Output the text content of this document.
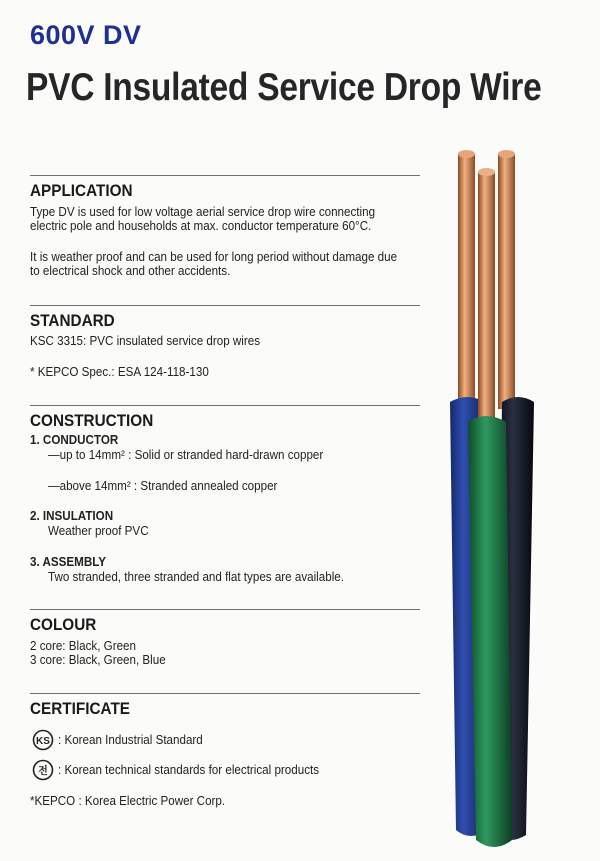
600V DV
PVC Insulated Service Drop Wire
APPLICATION
Type DV is used for low voltage aerial service drop wire connecting
electric pole and households at max. conductor temperature 60°C.
It is weather proof and can be used for long period without damage due
to electrical shock and other accidents.
STANDARD
KSC 3315: PVC insulated service drop wires
* KEPCO Spec.: ESA 124-118-130
CONSTRUCTION
1. CONDUCTOR
—up to 14mm² : Solid or stranded hard-drawn copper
—above 14mm² : Stranded annealed copper
2. INSULATION
Weather proof PVC
3. ASSEMBLY
Two stranded, three stranded and flat types are available.
COLOUR
2 core: Black, Green
3 core: Black, Green, Blue
CERTIFICATE
KS : Korean Industrial Standard
전 : Korean technical standards for electrical products
*KEPCO : Korea Electric Power Corp.
